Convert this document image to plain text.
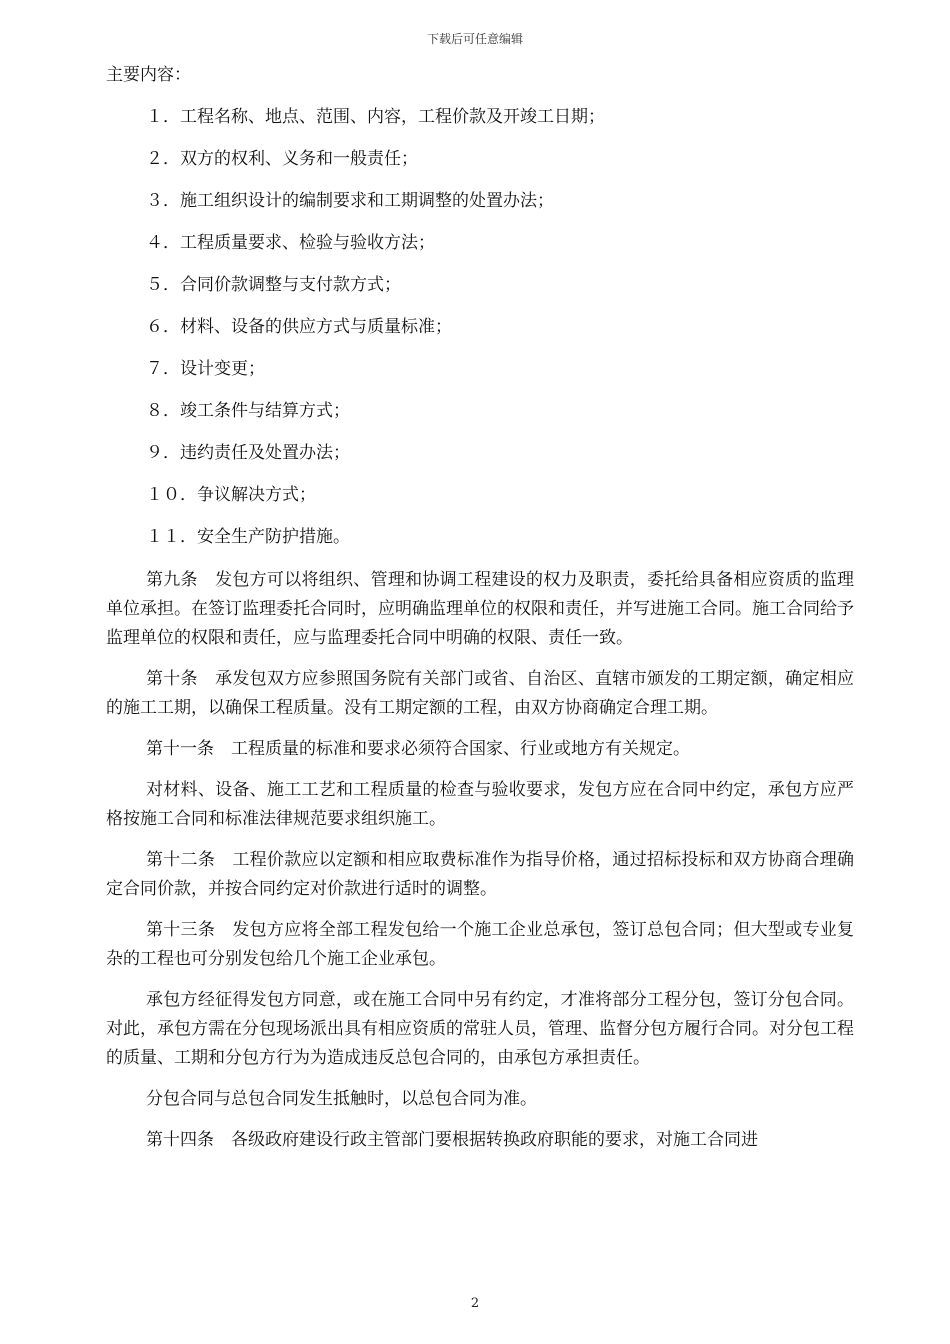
下载后可任意编辑
主要内容：
１．工程名称、地点、范围、内容，工程价款及开竣工日期；
２．双方的权利、义务和一般责任；
３．施工组织设计的编制要求和工期调整的处置办法；
４．工程质量要求、检验与验收方法；
５．合同价款调整与支付款方式；
６．材料、设备的供应方式与质量标准；
７．设计变更；
８．竣工条件与结算方式；
９．违约责任及处置办法；
１０．争议解决方式；
１１．安全生产防护措施。

第九条　发包方可以将组织、管理和协调工程建设的权力及职责，委托给具备相应资质的监理单位承担。在签订监理委托合同时，应明确监理单位的权限和责任，并写进施工合同。施工合同给予监理单位的权限和责任，应与监理委托合同中明确的权限、责任一致。

第十条　承发包双方应参照国务院有关部门或省、自治区、直辖市颁发的工期定额，确定相应的施工工期，以确保工程质量。没有工期定额的工程，由双方协商确定合理工期。

第十一条　工程质量的标准和要求必须符合国家、行业或地方有关规定。

对材料、设备、施工工艺和工程质量的检查与验收要求，发包方应在合同中约定，承包方应严格按施工合同和标准法律规范要求组织施工。

第十二条　工程价款应以定额和相应取费标准作为指导价格，通过招标投标和双方协商合理确定合同价款，并按合同约定对价款进行适时的调整。

第十三条　发包方应将全部工程发包给一个施工企业总承包，签订总包合同；但大型或专业复杂的工程也可分别发包给几个施工企业承包。

承包方经征得发包方同意，或在施工合同中另有约定，才准将部分工程分包，签订分包合同。对此，承包方需在分包现场派出具有相应资质的常驻人员，管理、监督分包方履行合同。对分包工程的质量、工期和分包方行为为造成违反总包合同的，由承包方承担责任。

分包合同与总包合同发生抵触时，以总包合同为准。

第十四条　各级政府建设行政主管部门要根据转换政府职能的要求，对施工合同进

2
